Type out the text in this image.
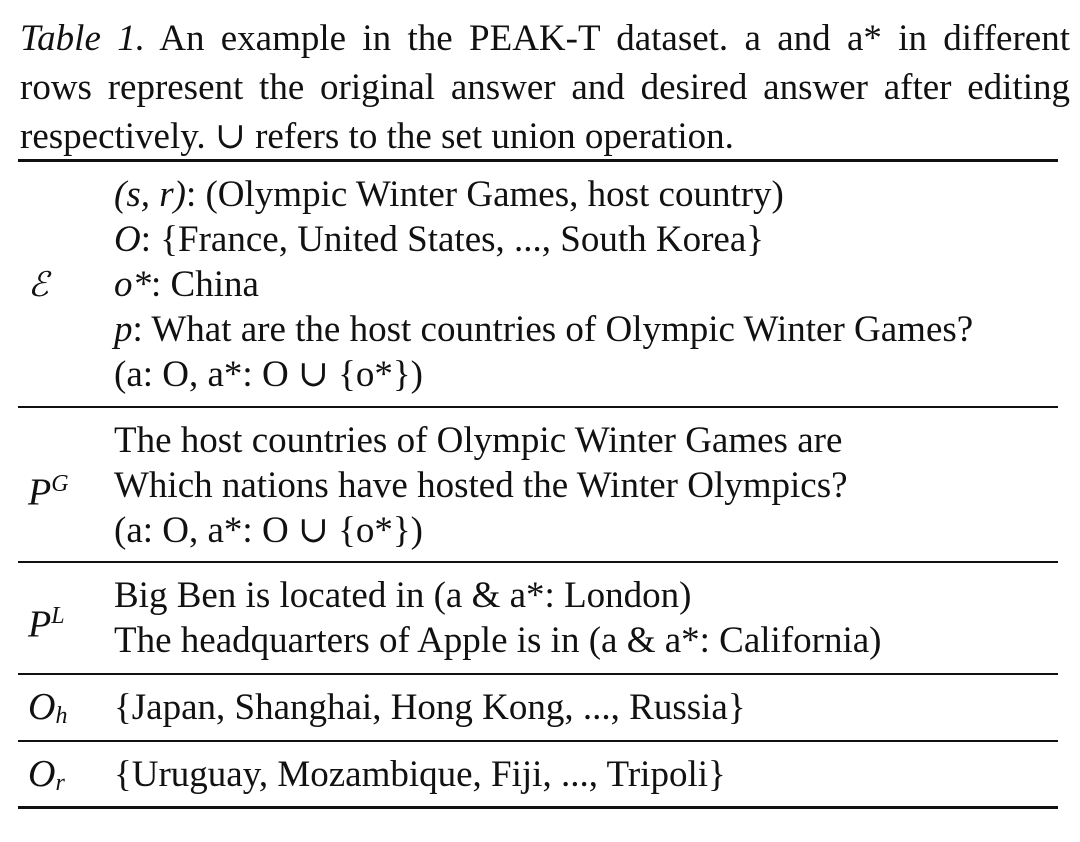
Table 1. An example in the PEAK-T dataset. a and a* in different
rows represent the original answer and desired answer after editing
respectively. ∪ refers to the set union operation.
ℰ
(s, r): (Olympic Winter Games, host country)
O: {France, United States, ..., South Korea}
o*: China
p: What are the host countries of Olympic Winter Games?
(a: O, a*: O ∪ {o*})
$P^G$
The host countries of Olympic Winter Games are
Which nations have hosted the Winter Olympics?
(a: O, a*: O ∪ {o*})
$P^L$ Big Ben is located in (a & a*: London)
The headquarters of Apple is in (a & a*: California)
$O_h$ {Japan, Shanghai, Hong Kong, ..., Russia}
$O_r$ {Uruguay, Mozambique, Fiji, ..., Tripoli}
